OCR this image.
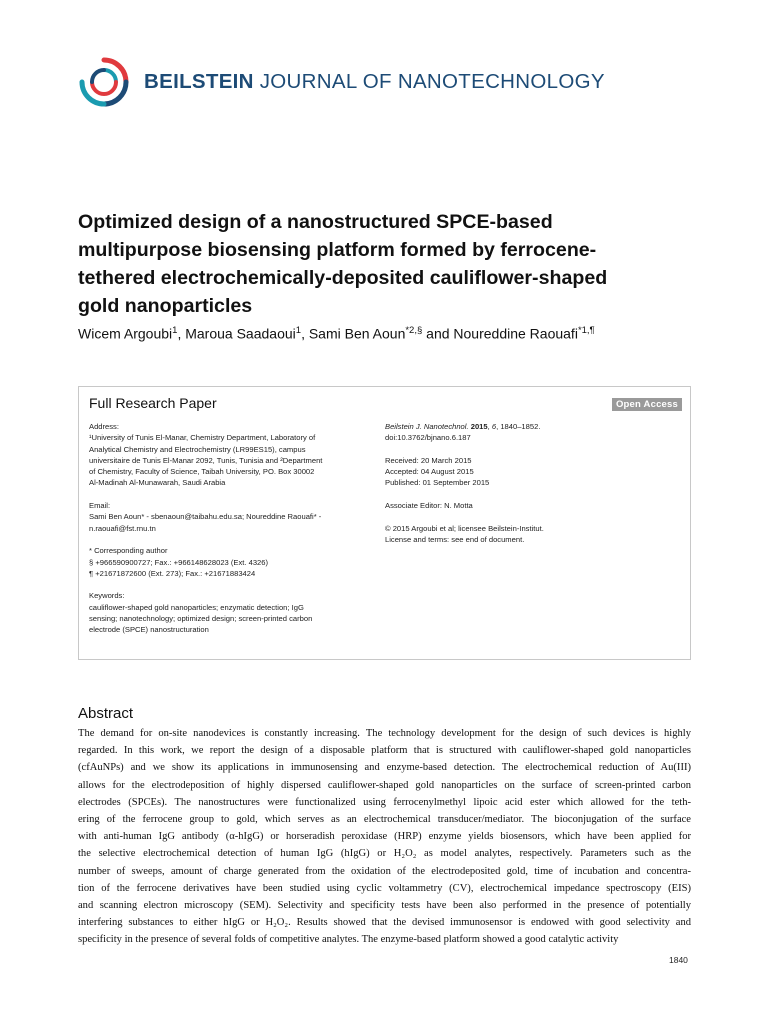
BEILSTEIN JOURNAL OF NANOTECHNOLOGY
Optimized design of a nanostructured SPCE-based multipurpose biosensing platform formed by ferrocene-tethered electrochemically-deposited cauliflower-shaped gold nanoparticles
Wicem Argoubi$^1$, Maroua Saadaoui$^1$, Sami Ben Aoun$^{*2,\S}$ and Noureddine Raouafi$^{*1,\P}$
Full Research Paper	Open Access

Address:

¹University of Tunis El-Manar, Chemistry Department, Laboratory of

Analytical Chemistry and Electrochemistry (LR99ES15), campus

universitaire de Tunis El-Manar 2092, Tunis, Tunisia and ²Department

of Chemistry, Faculty of Science, Taibah University, PO. Box 30002

Al-Madinah Al-Munawarah, Saudi Arabia

Email:

Sami Ben Aoun* - sbenaoun@taibahu.edu.sa; Noureddine Raouafi* -

n.raouafi@fst.rnu.tn

* Corresponding author

§ +966590900727; Fax.: +966148628023 (Ext. 4326)

¶ +21671872600 (Ext. 273); Fax.: +21671883424

Keywords:

cauliflower-shaped gold nanoparticles; enzymatic detection; IgG

sensing; nanotechnology; optimized design; screen-printed carbon

electrode (SPCE) nanostructuration

Beilstein J. Nanotechnol. 2015, 6, 1840–1852.

doi:10.3762/bjnano.6.187

Received: 20 March 2015

Accepted: 04 August 2015

Published: 01 September 2015

Associate Editor: N. Motta

© 2015 Argoubi et al; licensee Beilstein-Institut.

License and terms: see end of document.

Abstract
The demand for on-site nanodevices is constantly increasing. The technology development for the design of such devices is highly
regarded. In this work, we report the design of a disposable platform that is structured with cauliflower-shaped gold nanoparticles
(cfAuNPs) and we show its applications in immunosensing and enzyme-based detection. The electrochemical reduction of Au(III)
allows for the electrodeposition of highly dispersed cauliflower-shaped gold nanoparticles on the surface of screen-printed carbon
electrodes (SPCEs). The nanostructures were functionalized using ferrocenylmethyl lipoic acid ester which allowed for the teth-
ering of the ferrocene group to gold, which serves as an electrochemical transducer/mediator. The bioconjugation of the surface
with anti-human IgG antibody (α-hIgG) or horseradish peroxidase (HRP) enzyme yields biosensors, which have been applied for
the selective electrochemical detection of human IgG (hIgG) or H₂O₂ as model analytes, respectively. Parameters such as the
number of sweeps, amount of charge generated from the oxidation of the electrodeposited gold, time of incubation and concentra-
tion of the ferrocene derivatives have been studied using cyclic voltammetry (CV), electrochemical impedance spectroscopy (EIS)
and scanning electron microscopy (SEM). Selectivity and specificity tests have been also performed in the presence of potentially
interfering substances to either hIgG or H₂O₂. Results showed that the devised immunosensor is endowed with good selectivity and
specificity in the presence of several folds of competitive analytes. The enzyme-based platform showed a good catalytic activity
1840
